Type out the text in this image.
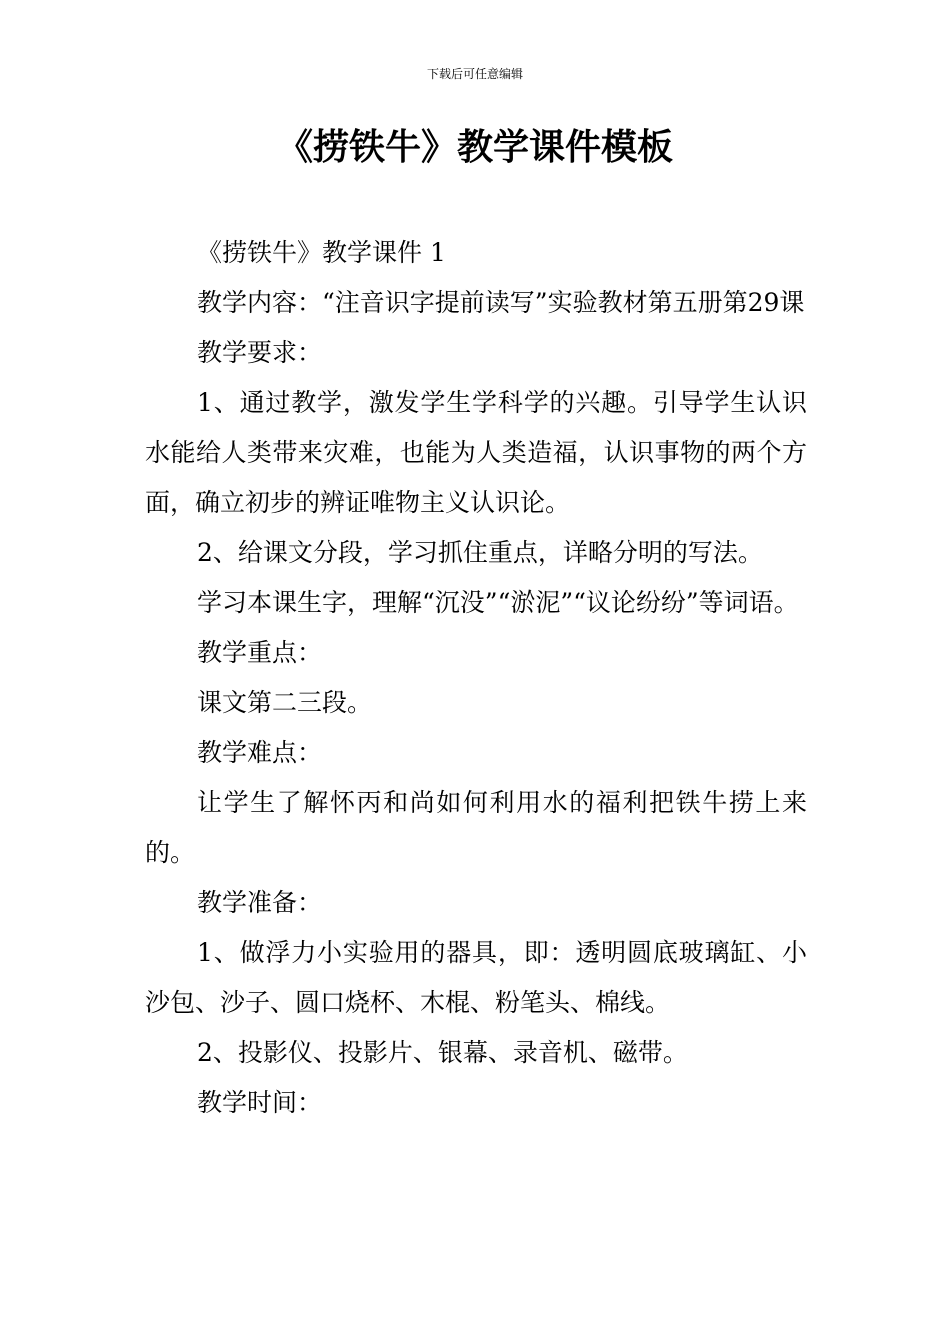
下载后可任意编辑
《捞铁牛》教学课件模板

《捞铁牛》教学课件 1

教学内容：“注音识字提前读写”实验教材第五册第29课

教学要求：

1、通过教学，激发学生学科学的兴趣。引导学生认识水能给人类带来灾难，也能为人类造福，认识事物的两个方面，确立初步的辨证唯物主义认识论。

2、给课文分段，学习抓住重点，详略分明的写法。

学习本课生字，理解“沉没”“淤泥”“议论纷纷”等词语。

教学重点：

课文第二三段。

教学难点：

让学生了解怀丙和尚如何利用水的福利把铁牛捞上来的。

教学准备：

1、做浮力小实验用的器具，即：透明圆底玻璃缸、小沙包、沙子、圆口烧杯、木棍、粉笔头、棉线。

2、投影仪、投影片、银幕、录音机、磁带。

教学时间：
